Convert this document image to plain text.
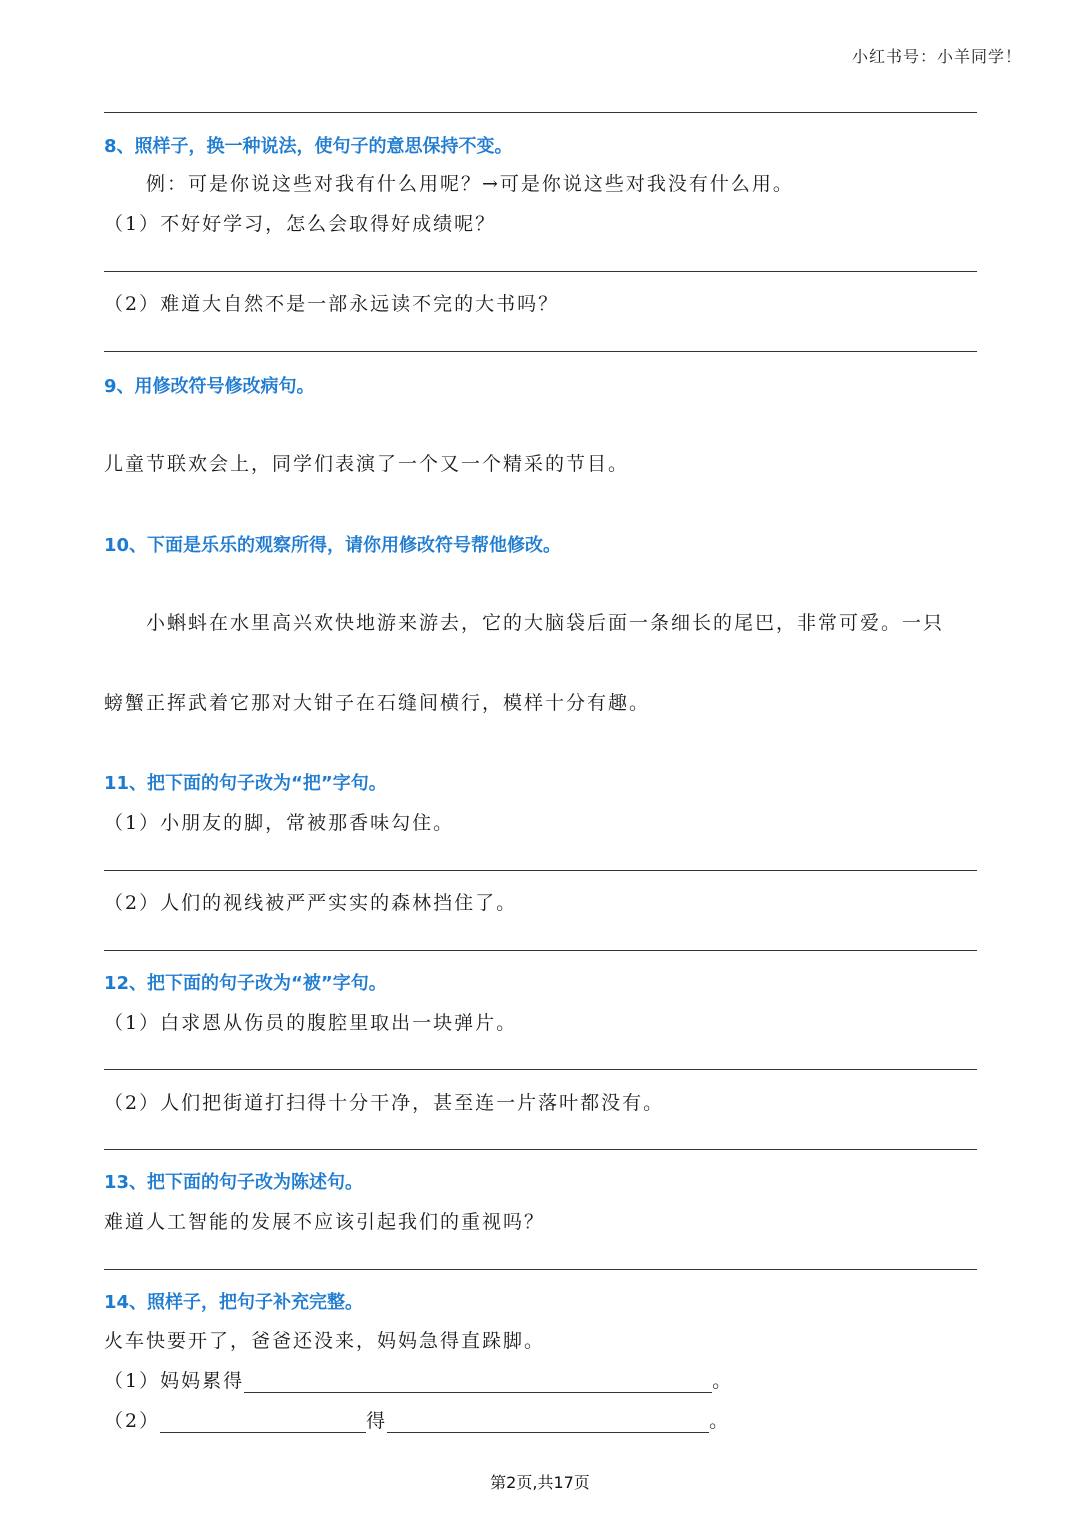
小红书号：小羊同学！
8、照样子，换一种说法，使句子的意思保持不变。
例：可是你说这些对我有什么用呢？→可是你说这些对我没有什么用。
（1）不好好学习，怎么会取得好成绩呢？
（2）难道大自然不是一部永远读不完的大书吗？
9、用修改符号修改病句。
儿童节联欢会上，同学们表演了一个又一个精采的节目。
10、下面是乐乐的观察所得，请你用修改符号帮他修改。
小蝌蚪在水里高兴欢快地游来游去，它的大脑袋后面一条细长的尾巴，非常可爱。一只
螃蟹正挥武着它那对大钳子在石缝间横行，模样十分有趣。
11、把下面的句子改为“把”字句。
（1）小朋友的脚，常被那香味勾住。
（2）人们的视线被严严实实的森林挡住了。
12、把下面的句子改为“被”字句。
（1）白求恩从伤员的腹腔里取出一块弹片。
（2）人们把街道打扫得十分干净，甚至连一片落叶都没有。
13、把下面的句子改为陈述句。
难道人工智能的发展不应该引起我们的重视吗？
14、照样子，把句子补充完整。
火车快要开了，爸爸还没来，妈妈急得直跺脚。
（1）妈妈累得	。
（2）	得	。
第2页,共17页
